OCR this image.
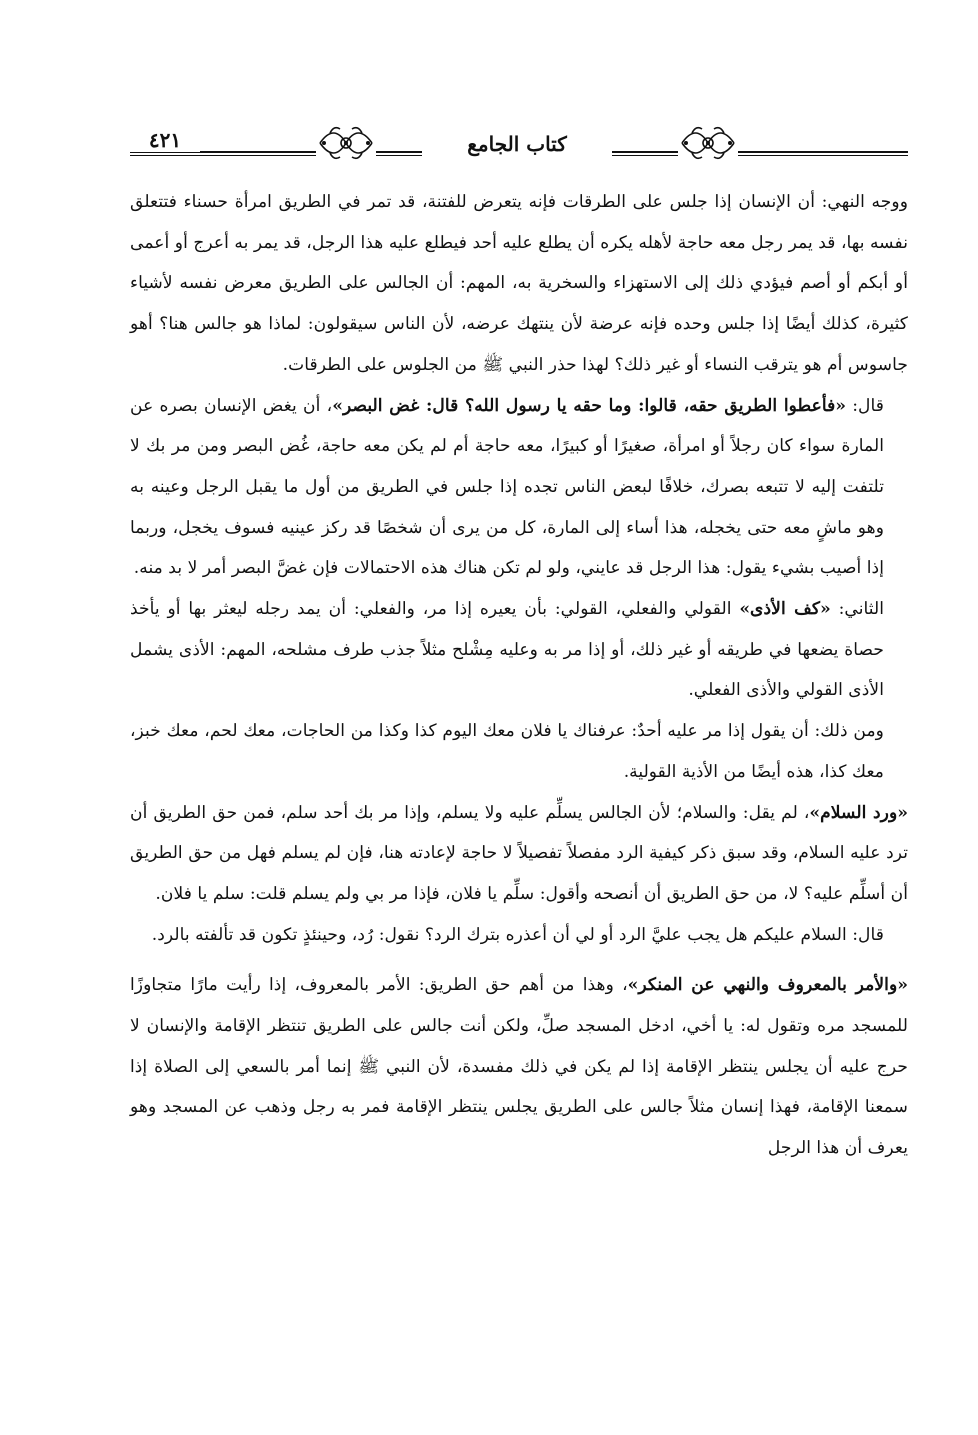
٤٢١	كتاب الجامع

ووجه النهي: أن الإنسان إذا جلس على الطرقات فإنه يتعرض للفتنة، قد تمر في الطريق امرأة حسناء فتتعلق نفسه بها، قد يمر رجل معه حاجة لأهله يكره أن يطلع عليه أحد فيطلع عليه هذا الرجل، قد يمر به أعرج أو أعمى أو أبكم أو أصم فيؤدي ذلك إلى الاستهزاء والسخرية به، المهم: أن الجالس على الطريق معرض نفسه لأشياء كثيرة، كذلك أيضًا إذا جلس وحده فإنه عرضة لأن ينتهك عرضه، لأن الناس سيقولون: لماذا هو جالس هنا؟ أهو جاسوس أم هو يترقب النساء أو غير ذلك؟ لهذا حذر النبي ﷺ من الجلوس على الطرقات.

قال: «فأعطوا الطريق حقه، قالوا: وما حقه يا رسول الله؟ قال: غض البصر»، أن يغض الإنسان بصره عن المارة سواء كان رجلاً أو امرأة، صغيرًا أو كبيرًا، معه حاجة أم لم يكن معه حاجة، غُض البصر ومن مر بك لا تلتفت إليه لا تتبعه بصرك، خلافًا لبعض الناس تجده إذا جلس في الطريق من أول ما يقبل الرجل وعينه به وهو ماشٍ معه حتى يخجله، هذا أساء إلى المارة، كل من يرى أن شخصًا قد ركز عينيه فسوف يخجل، وربما إذا أصيب بشيء يقول: هذا الرجل قد عايني، ولو لم تكن هناك هذه الاحتمالات فإن غضَّ البصر أمر لا بد منه.

الثاني: «كف الأذى» القولي والفعلي، القولي: بأن يعيره إذا مر، والفعلي: أن يمد رجله ليعثر بها أو يأخذ حصاة يضعها في طريقه أو غير ذلك، أو إذا مر به وعليه مِشْلح مثلاً جذب طرف مشلحه، المهم: الأذى يشمل الأذى القولي والأذى الفعلي.

ومن ذلك: أن يقول إذا مر عليه أحدٌ: عرفناك يا فلان معك اليوم كذا وكذا من الحاجات، معك لحم، معك خبز، معك كذا، هذه أيضًا من الأذية القولية.

«ورد السلام»، لم يقل: والسلام؛ لأن الجالس يسلِّم عليه ولا يسلم، وإذا مر بك أحد سلم، فمن حق الطريق أن ترد عليه السلام، وقد سبق ذكر كيفية الرد مفصلاً تفصيلاً لا حاجة لإعادته هنا، فإن لم يسلم فهل من حق الطريق أن أسلِّم عليه؟ لا، من حق الطريق أن أنصحه وأقول: سلِّم يا فلان، فإذا مر بي ولم يسلم قلت: سلم يا فلان.

قال: السلام عليكم هل يجب عليَّ الرد أو لي أن أعذره بترك الرد؟ نقول: رُد، وحينئذٍ تكون قد تألفته بالرد.

«والأمر بالمعروف والنهي عن المنكر»، وهذا من أهم حق الطريق: الأمر بالمعروف، إذا رأيت مارًا متجاوزًا للمسجد مره وتقول له: يا أخي، ادخل المسجد صلِّ، ولكن أنت جالس على الطريق تنتظر الإقامة والإنسان لا حرج عليه أن يجلس ينتظر الإقامة إذا لم يكن في ذلك مفسدة، لأن النبي ﷺ إنما أمر بالسعي إلى الصلاة إذا سمعنا الإقامة، فهذا إنسان مثلاً جالس على الطريق يجلس ينتظر الإقامة فمر به رجل وذهب عن المسجد وهو يعرف أن هذا الرجل
